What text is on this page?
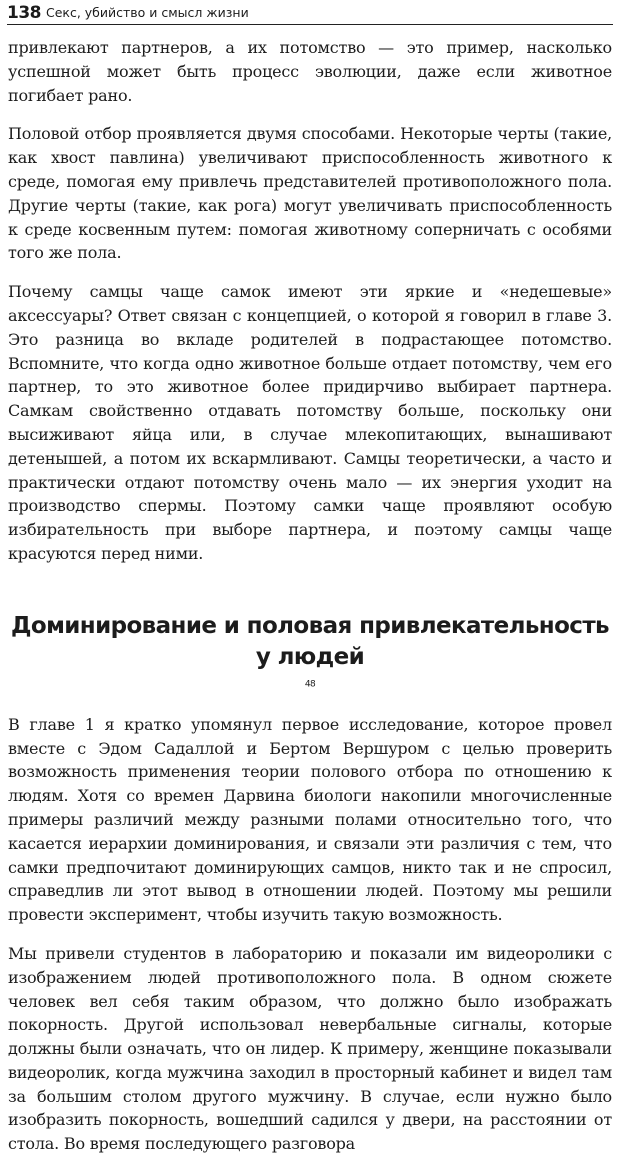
138 Секс, убийство и смысл жизни

привлекают партнеров, а их потомство — это пример, насколько успешной может быть процесс эволюции, даже если животное погибает рано.

Половой отбор проявляется двумя способами. Некоторые черты (такие, как хвост павлина) увеличивают приспособленность животного к среде, помогая ему привлечь представителей противоположного пола. Другие черты (такие, как рога) могут увеличивать приспособленность к среде косвенным путем: помогая животному соперничать с особями того же пола.

Почему самцы чаще самок имеют эти яркие и «недешевые» аксессуары? Ответ связан с концепцией, о которой я говорил в главе 3. Это разница во вкладе родителей в подрастающее потомство. Вспомните, что когда одно животное больше отдает потомству, чем его партнер, то это животное более придирчиво выбирает партнера. Самкам свойственно отдавать потомству больше, поскольку они высиживают яйца или, в случае млекопитающих, вынашивают детенышей, а потом их вскармливают. Самцы теоретически, а часто и практически отдают потомству очень мало — их энергия уходит на производство спермы. Поэтому самки чаще проявляют особую избирательность при выборе партнера, и поэтому самцы чаще красуются перед ними.

Доминирование и половая привлекательность
у людей
$^{48}$

В главе 1 я кратко упомянул первое исследование, которое провел вместе с Эдом Садаллой и Бертом Вершуром с целью проверить возможность применения теории полового отбора по отношению к людям. Хотя со времен Дарвина биологи накопили многочисленные примеры различий между разными полами относительно того, что касается иерархии доминирования, и связали эти различия с тем, что самки предпочитают доминирующих самцов, никто так и не спросил, справедлив ли этот вывод в отношении людей. Поэтому мы решили провести эксперимент, чтобы изучить такую возможность.

Мы привели студентов в лабораторию и показали им видеоролики с изображением людей противоположного пола. В одном сюжете человек вел себя таким образом, что должно было изображать покорность. Другой использовал невербальные сигналы, которые должны были означать, что он лидер. К примеру, женщине показывали видеоролик, когда мужчина заходил в просторный кабинет и видел там за большим столом другого мужчину. В случае, если нужно было изобразить покорность, вошедший садился у двери, на расстоянии от стола. Во время последующего разговора
